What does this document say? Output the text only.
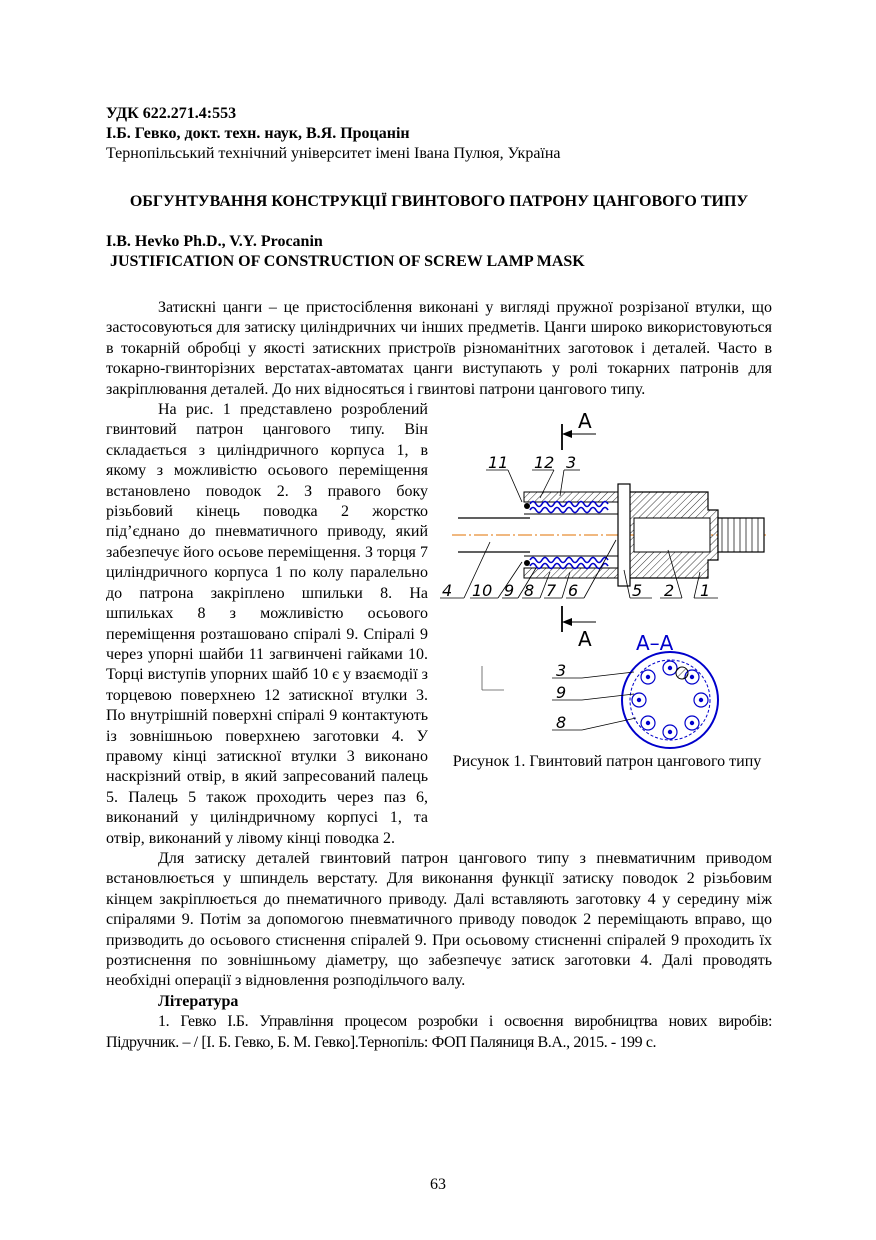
УДК 622.271.4:553
І.Б. Гевко, докт. техн. наук, В.Я. Процанін
Тернопільський технічний університет імені Івана Пулюя, Україна
ОБГУНТУВАННЯ КОНСТРУКЦІЇ ГВИНТОВОГО ПАТРОНУ ЦАНГОВОГО ТИПУ
I.B. Hevko Ph.D., V.Y. Procanin
JUSTIFICATION OF CONSTRUCTION OF SCREW LAMP MASK

Затискні цанги – це пристосіблення виконані у вигляді пружної розрізаної втулки, що застосовуються для затиску циліндричних чи інших предметів. Цанги широко використовуються в токарній обробці у якості затискних пристроїв різноманітних заготовок і деталей. Часто в токарно-гвинторізних верстатах-автоматах цанги виступають у ролі токарних патронів для закріплювання деталей. До них відносяться і гвинтові патрони цангового типу.

А
11 12 3
4 10 9 8 7 6	5 2 1
А А–А
3
9
8
Рисунок 1. Гвинтовий патрон цангового типу

На рис. 1 представлено розроблений гвинтовий патрон цангового типу. Він складається з циліндричного корпуса 1, в якому з можливістю осьового переміщення встановлено поводок 2. З правого боку різьбовий кінець поводка 2 жорстко під’єднано до пневматичного приводу, який забезпечує його осьове переміщення. З торця 7 циліндричного корпуса 1 по колу паралельно до патрона закріплено шпильки 8. На шпильках 8 з можливістю осьового переміщення розташовано спіралі 9. Спіралі 9 через упорні шайби 11 загвинчені гайками 10. Торці виступів упорних шайб 10 є у взаємодії з торцевою поверхнею 12 затискної втулки 3. По внутрішній поверхні спіралі 9 контактують із зовнішньою поверхнею заготовки 4. У правому кінці затискної втулки 3 виконано наскрізний отвір, в який запресований палець 5. Палець 5 також проходить через паз 6, виконаний у циліндричному корпусі 1, та отвір, виконаний у лівому кінці поводка 2.

Для затиску деталей гвинтовий патрон цангового типу з пневматичним приводом встановлюється у шпиндель верстату. Для виконання функції затиску поводок 2 різьбовим кінцем закріплюється до пнематичного приводу. Далі вставляють заготовку 4 у середину між спіралями 9. Потім за допомогою пневматичного приводу поводок 2 переміщають вправо, що призводить до осьового стиснення спіралей 9. При осьовому стисненні спіралей 9 проходить їх розтиснення по зовнішньому діаметру, що забезпечує затиск заготовки 4. Далі проводять необхідні операції з відновлення розподільчого валу.

Література

1. Гевко І.Б. Управління процесом розробки і освоєння виробництва нових виробів: Підручник. – / [І. Б. Гевко, Б. М. Гевко].Тернопіль: ФОП Паляниця В.А., 2015. - 199 с.

63
